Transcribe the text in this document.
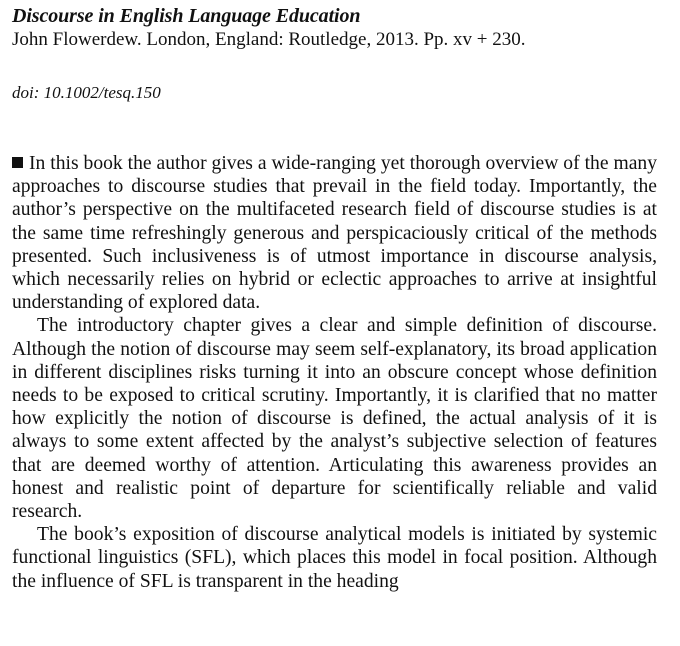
Discourse in English Language Education

John Flowerdew. London, England: Routledge, 2013. Pp. xv + 230.

doi: 10.1002/tesq.150

In this book the author gives a wide-ranging yet thorough overview of the many approaches to discourse studies that prevail in the field today. Importantly, the author’s perspective on the multifaceted research field of discourse studies is at the same time refreshingly generous and perspicaciously critical of the methods presented. Such inclusiveness is of utmost importance in discourse analysis, which necessarily relies on hybrid or eclectic approaches to arrive at insightful understanding of explored data.

The introductory chapter gives a clear and simple definition of discourse. Although the notion of discourse may seem self-explanatory, its broad application in different disciplines risks turning it into an obscure concept whose definition needs to be exposed to critical scrutiny. Importantly, it is clarified that no matter how explicitly the notion of discourse is defined, the actual analysis of it is always to some extent affected by the analyst’s subjective selection of features that are deemed worthy of attention. Articulating this awareness provides an honest and realistic point of departure for scientifically reliable and valid research.

The book’s exposition of discourse analytical models is initiated by systemic functional linguistics (SFL), which places this model in focal position. Although the influence of SFL is transparent in the heading
